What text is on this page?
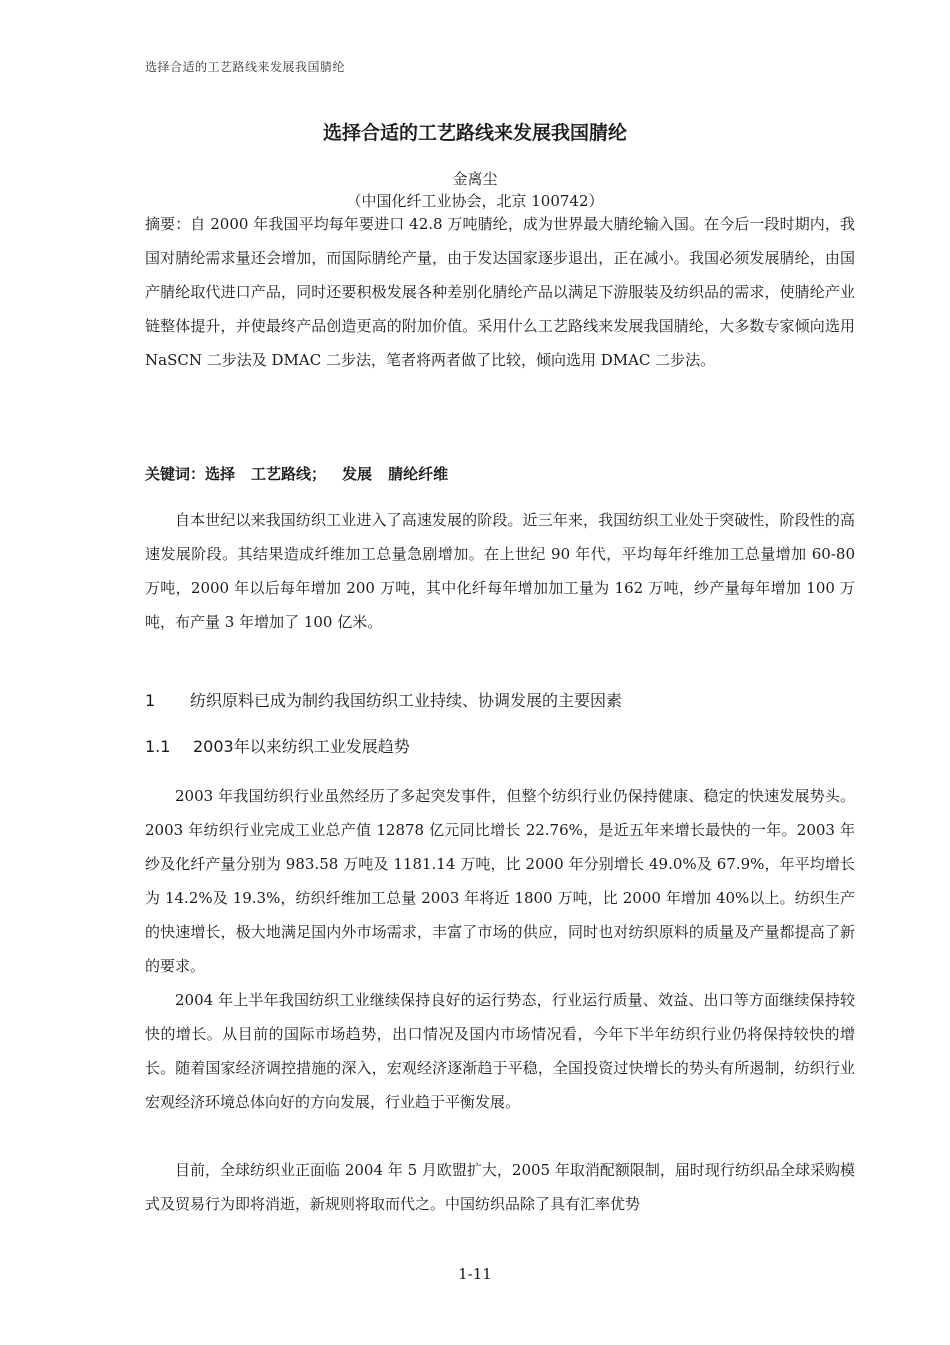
选择合适的工艺路线来发展我国腈纶
选择合适的工艺路线来发展我国腈纶
金离尘
（中国化纤工业协会，北京 100742）
摘要：自 2000 年我国平均每年要进口 42.8 万吨腈纶，成为世界最大腈纶输入国。在今后一段时期内，我国对腈纶需求量还会增加，而国际腈纶产量，由于发达国家逐步退出，正在减小。我国必须发展腈纶，由国产腈纶取代进口产品，同时还要积极发展各种差别化腈纶产品以满足下游服装及纺织品的需求，使腈纶产业链整体提升，并使最终产品创造更高的附加价值。采用什么工艺路线来发展我国腈纶，大多数专家倾向选用 NaSCN 二步法及 DMAC 二步法，笔者将两者做了比较，倾向选用 DMAC 二步法。
关键词：选择 工艺路线； 发展 腈纶纤维
自本世纪以来我国纺织工业进入了高速发展的阶段。近三年来，我国纺织工业处于突破性，阶段性的高速发展阶段。其结果造成纤维加工总量急剧增加。在上世纪 90 年代，平均每年纤维加工总量增加 60-80 万吨，2000 年以后每年增加 200 万吨，其中化纤每年增加加工量为 162 万吨，纱产量每年增加 100 万吨，布产量 3 年增加了 100 亿米。
1 纺织原料已成为制约我国纺织工业持续、协调发展的主要因素
1.1 2003年以来纺织工业发展趋势
2003 年我国纺织行业虽然经历了多起突发事件，但整个纺织行业仍保持健康、稳定的快速发展势头。2003 年纺织行业完成工业总产值 12878 亿元同比增长 22.76%，是近五年来增长最快的一年。2003 年纱及化纤产量分别为 983.58 万吨及 1181.14 万吨，比 2000 年分别增长 49.0%及 67.9%，年平均增长为 14.2%及 19.3%，纺织纤维加工总量 2003 年将近 1800 万吨，比 2000 年增加 40%以上。纺织生产的快速增长，极大地满足国内外市场需求，丰富了市场的供应，同时也对纺织原料的质量及产量都提高了新的要求。
2004 年上半年我国纺织工业继续保持良好的运行势态，行业运行质量、效益、出口等方面继续保持较快的增长。从目前的国际市场趋势，出口情况及国内市场情况看，今年下半年纺织行业仍将保持较快的增长。随着国家经济调控措施的深入，宏观经济逐渐趋于平稳，全国投资过快增长的势头有所遏制，纺织行业宏观经济环境总体向好的方向发展，行业趋于平衡发展。
目前，全球纺织业正面临 2004 年 5 月欧盟扩大，2005 年取消配额限制，届时现行纺织品全球采购模式及贸易行为即将消逝，新规则将取而代之。中国纺织品除了具有汇率优势
1-11
